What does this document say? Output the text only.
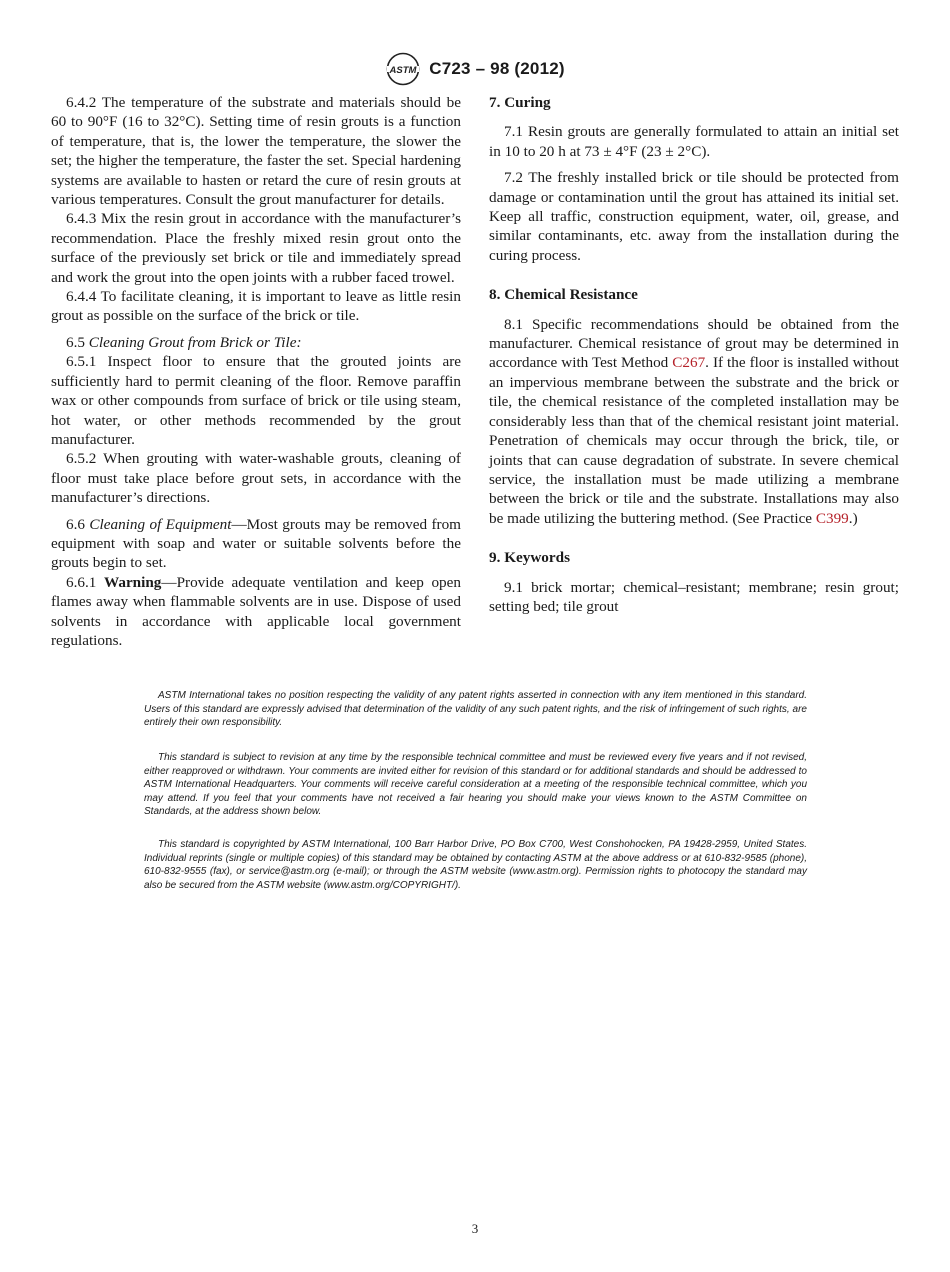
ASTM C723 – 98 (2012)

6.4.2 The temperature of the substrate and materials should be 60 to 90°F (16 to 32°C). Setting time of resin grouts is a function of temperature, that is, the lower the temperature, the slower the set; the higher the temperature, the faster the set. Special hardening systems are available to hasten or retard the cure of resin grouts at various temperatures. Consult the grout manufacturer for details.

6.4.3 Mix the resin grout in accordance with the manufacturer’s recommendation. Place the freshly mixed resin grout onto the surface of the previously set brick or tile and immediately spread and work the grout into the open joints with a rubber faced trowel.

6.4.4 To facilitate cleaning, it is important to leave as little resin grout as possible on the surface of the brick or tile.

6.5 Cleaning Grout from Brick or Tile:

6.5.1 Inspect floor to ensure that the grouted joints are sufficiently hard to permit cleaning of the floor. Remove paraffin wax or other compounds from surface of brick or tile using steam, hot water, or other methods recommended by the grout manufacturer.

6.5.2 When grouting with water-washable grouts, cleaning of floor must take place before grout sets, in accordance with the manufacturer’s directions.

6.6 Cleaning of Equipment—Most grouts may be removed from equipment with soap and water or suitable solvents before the grouts begin to set.

6.6.1 Warning—Provide adequate ventilation and keep open flames away when flammable solvents are in use. Dispose of used solvents in accordance with applicable local government regulations.

7. Curing

7.1 Resin grouts are generally formulated to attain an initial set in 10 to 20 h at 73 ± 4°F (23 ± 2°C).

7.2 The freshly installed brick or tile should be protected from damage or contamination until the grout has attained its initial set. Keep all traffic, construction equipment, water, oil, grease, and similar contaminants, etc. away from the installation during the curing process.

8. Chemical Resistance

8.1 Specific recommendations should be obtained from the manufacturer. Chemical resistance of grout may be determined in accordance with Test Method C267. If the floor is installed without an impervious membrane between the substrate and the brick or tile, the chemical resistance of the completed installation may be considerably less than that of the chemical resistant joint material. Penetration of chemicals may occur through the brick, tile, or joints that can cause degradation of substrate. In severe chemical service, the installation must be made utilizing a membrane between the brick or tile and the substrate. Installations may also be made utilizing the buttering method. (See Practice C399.)

9. Keywords

9.1 brick mortar; chemical–resistant; membrane; resin grout; setting bed; tile grout

ASTM International takes no position respecting the validity of any patent rights asserted in connection with any item mentioned in this standard. Users of this standard are expressly advised that determination of the validity of any such patent rights, and the risk of infringement of such rights, are entirely their own responsibility.

This standard is subject to revision at any time by the responsible technical committee and must be reviewed every five years and if not revised, either reapproved or withdrawn. Your comments are invited either for revision of this standard or for additional standards and should be addressed to ASTM International Headquarters. Your comments will receive careful consideration at a meeting of the responsible technical committee, which you may attend. If you feel that your comments have not received a fair hearing you should make your views known to the ASTM Committee on Standards, at the address shown below.

This standard is copyrighted by ASTM International, 100 Barr Harbor Drive, PO Box C700, West Conshohocken, PA 19428-2959, United States. Individual reprints (single or multiple copies) of this standard may be obtained by contacting ASTM at the above address or at 610-832-9585 (phone), 610-832-9555 (fax), or service@astm.org (e-mail); or through the ASTM website (www.astm.org). Permission rights to photocopy the standard may also be secured from the ASTM website (www.astm.org/COPYRIGHT/).

3
